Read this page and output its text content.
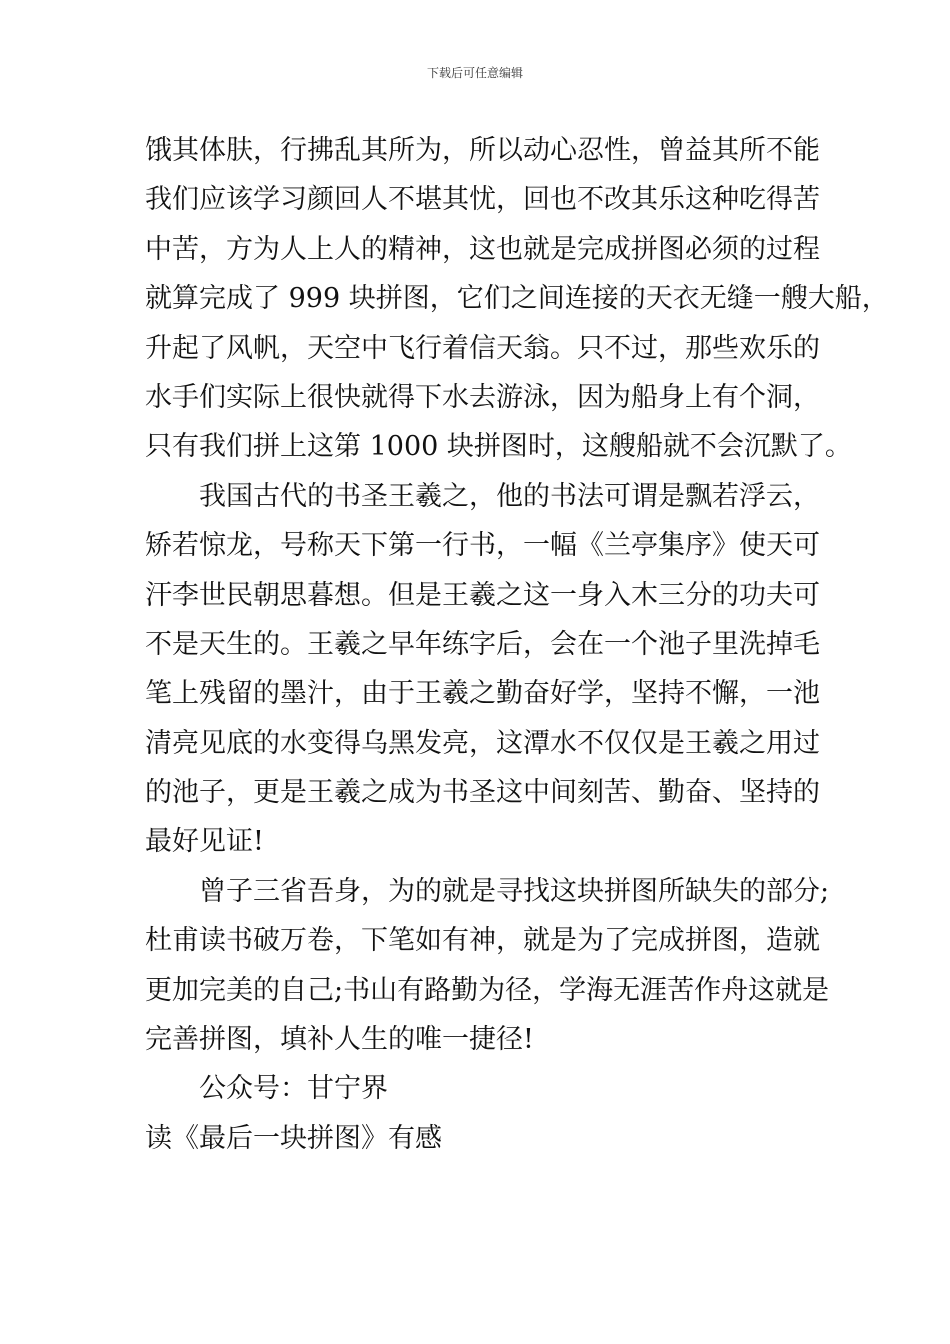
下载后可任意编辑
饿其体肤，行拂乱其所为，所以动心忍性，曾益其所不能
我们应该学习颜回人不堪其忧，回也不改其乐这种吃得苦
中苦，方为人上人的精神，这也就是完成拼图必须的过程
就算完成了 999 块拼图，它们之间连接的天衣无缝一艘大船，
升起了风帆，天空中飞行着信天翁。只不过，那些欢乐的
水手们实际上很快就得下水去游泳，因为船身上有个洞，
只有我们拼上这第 1000 块拼图时，这艘船就不会沉默了。
我国古代的书圣王羲之，他的书法可谓是飘若浮云，
矫若惊龙，号称天下第一行书，一幅《兰亭集序》使天可
汗李世民朝思暮想。但是王羲之这一身入木三分的功夫可
不是天生的。王羲之早年练字后，会在一个池子里洗掉毛
笔上残留的墨汁，由于王羲之勤奋好学，坚持不懈，一池
清亮见底的水变得乌黑发亮，这潭水不仅仅是王羲之用过
的池子，更是王羲之成为书圣这中间刻苦、勤奋、坚持的
最好见证!
曾子三省吾身，为的就是寻找这块拼图所缺失的部分;
杜甫读书破万卷，下笔如有神，就是为了完成拼图，造就
更加完美的自己;书山有路勤为径，学海无涯苦作舟这就是
完善拼图，填补人生的唯一捷径!
公众号：甘宁界
读《最后一块拼图》有感
